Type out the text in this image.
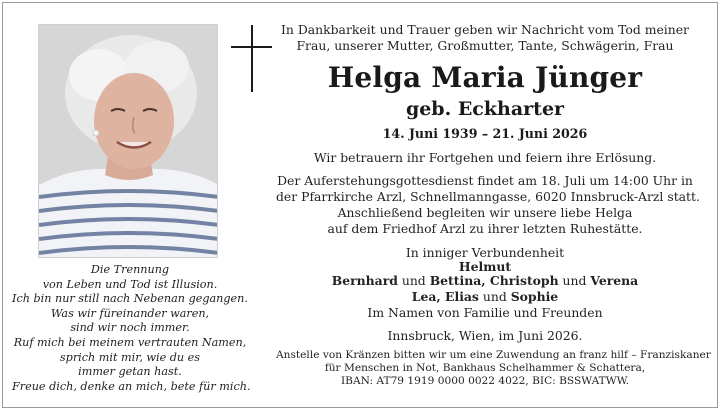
Die Trennung
von Leben und Tod ist Illusion.
Ich bin nur still nach Nebenan gegangen.
Was wir füreinander waren,
sind wir noch immer.
Ruf mich bei meinem vertrauten Namen,
sprich mit mir, wie du es
immer getan hast.
Freue dich, denke an mich, bete für mich.
In Dankbarkeit und Trauer geben wir Nachricht vom Tod meiner
Frau, unserer Mutter, Großmutter, Tante, Schwägerin, Frau
Helga Maria Jünger
geb. Eckharter
14. Juni 1939 – 21. Juni 2026
Wir betrauern ihr Fortgehen und feiern ihre Erlösung.
Der Auferstehungsgottesdienst findet am 18. Juli um 14:00 Uhr in
der Pfarrkirche Arzl, Schnellmanngasse, 6020 Innsbruck-Arzl statt.
Anschließend begleiten wir unsere liebe Helga
auf dem Friedhof Arzl zu ihrer letzten Ruhestätte.
In inniger Verbundenheit
Helmut
Bernhard und Bettina, Christoph und Verena
Lea, Elias und Sophie
Im Namen von Familie und Freunden
Innsbruck, Wien, im Juni 2026.
Anstelle von Kränzen bitten wir um eine Zuwendung an franz hilf – Franziskaner
für Menschen in Not, Bankhaus Schelhammer & Schattera,
IBAN: AT79 1919 0000 0022 4022, BIC: BSSWATWW.
